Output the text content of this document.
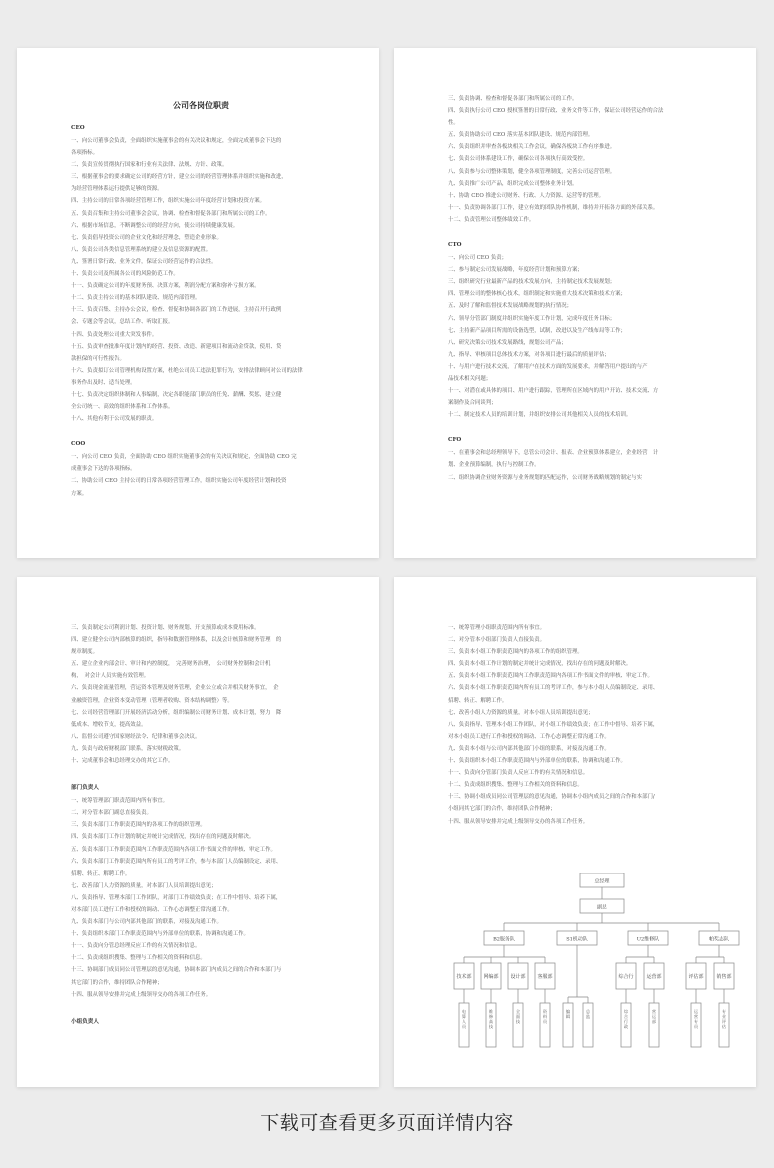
公司各岗位职责
CEO
一、向公司董事会负责，全面组织实施董事会的有关决议和规定，全面完成董事会下达的
各项指标。
二、负责宣传贯彻执行国家和行业有关法律、法规、方针、政策。
三、根据董事会的要求确定公司的经营方针，建立公司的经营管理体系并组织实施和改进，
为经营管理体系运行提供足够的资源。
四、主持公司的日常各项经营管理工作，组织实施公司年度经营计划和投资方案。
五、负责召集和主持公司董事会会议，协调、检查和督促各部门和所属公司的工作。
六、根据市场信息，不断调整公司的经营方向，使公司持续健康发展。
七、负责倡导投资公司的企业文化和经营理念，塑造企业形象。
八、负责公司各类信息管理系统的建立及信息资源的配置。
九、签署日常行政、业务文件，保证公司经营运作的合法性。
十、负责公司及所属各公司的风险防范工作。
十一、负责确定公司的年度财务预、决算方案，利润分配方案和弥补亏损方案。
十二、负责主持公司的基本团队建设、规范内部管理。
十三、负责召集、主持办公会议，检查、督促和协调各部门的工作进展，主持召开行政例
会、专题会等会议，总结工作、听取汇报。
十四、负责处理公司重大突发事件。
十五、负责审查批准年度计划内的经营、投资、改造、新建项目和流动金贷款，使用、贷
款担保的可行性报告。
十六、负责拟订公司管理机构设置方案，杜绝公司员工违法犯罪行为，安排法律顾问对公司的法律
事务作出及时、适当处理。
十七、负责决定组织体制和人事编制，决定各职能部门职员的任免、薪酬、奖惩，建立健
全公司统一、高效的组织体系和工作体系。
十八、其他有利于公司发展的职责。
COO
一、向公司 CEO 负责，全面协助 CEO 组织实施董事会的有关决议和规定，全面协助 CEO 完
成董事会下达的各项指标。
二、协助公司 CEO 主持公司的日常各项经营管理工作，组织实施公司年度经营计划和投资
方案。
三、负责协调、检查和督促各部门和所属公司的工作。
四、负责执行公司 CEO 授权签署的日常行政、业务文件等工作，保证公司经营运作的合法
性。
五、负责协助公司 CEO 落实基本团队建设、规范内部管理。
六、负责组织并审查各板块相关工作会议，确保各板块工作有序推进。
七、负责公司体系建设工作，确保公司各项执行高效受控。
八、负责参与公司整体策划，健全各项管理制度，完善公司运营管理。
九、负责推广公司产品，组织完成公司整体业务计划。
十、协助 CEO 推进公司财务、行政、人力资源、运营等的管理。
十一、负责协调各部门工作，建立有效的团队协作机制，维持并开拓各方面的外部关系。
十二、负责管理公司整体绩效工作。
CTO
一、向公司 CEO 负责；
二、参与制定公司发展战略，年度经营计划和预算方案；
三、组织研究行业最新产品的技术发展方向，主持制定技术发展规划；
四、管理公司的整体核心技术，组织制定和实施重大技术决策和技术方案；
五、及时了解和监督技术发展战略规划的执行情况；
六、领导分管部门制度并组织实施年度工作计划，完成年度任务目标；
七、主持新产品项目所需的设备选型，试制，改进以及生产线布局等工作；
八、研究决策公司技术发展路线，规划公司产品；
九、指导、审核项目总体技术方案，对各项目进行最后的质量评估；
十、与用户进行技术交流，了解用户在技术方面的发展要求，并解答用户提出的与产
品技术相关问题；
十一、对潜在或具体的项目、用户进行跟踪，管理所在区域内的用户开访、技术交流、方
案制作及合同谈判；
十二、制定技术人员的培训计划，并组织安排公司其他相关人员的技术培训。
CFO
一、在董事会和总经理领导下，总管公司会计、报表、企业预算体系建立，企业经营　计
划、企业预算编制，执行与控制工作。
二、组织协调企业财务资源与业务规划的匹配运作，公司财务战略规划的制定与实
三、负责制定公司利润计划、投资计划、财务规划、开支预算或成本费用标准。
四、建立健全公司内部核算的组织，指导和数据管理体系，以及会计核算和财务管理　的
规章制度。
五、建立企业内部会计、审计和内控制度，　完善财务治理，　公司财务控制和会计机
构，　对会计人员实施有效管理。
六、负责现金流量管理，营运资本管理及财务管理，企业公立或合并相关财务事宜，　企
业融资管理，企业资本变动管理（管理者收购、资本结构调整）等。
七、公司经营管理部门开展经济活动分析，组织编制公司财务计划、成本计划，努力　降
低成本、增收节支，提高效益。
八、监督公司遵守国家财经法令、纪律和董事会决议。
九、负责与政府财税部门联系，落实财税政策。
十、完成董事会和总经理交办的其它工作。
部门负责人
一、统筹管理部门职责范围内所有事宜。
二、对分管本部门副总直接负责。
三、负责本部门工作职责范围内的各项工作的组织管理。
四、负责本部门工作计划的制定并统计完成情况，找出存在的问题及时解决。
五、负责本部门工作职责范围内工作职责范围内各项工作书面文件的审核、审定工作。
六、负责本部门工作职责范围内所有员工的考评工作，参与本部门人员编制设定、录用、
招聘、转正、解聘工作。
七、改善部门人力资源的质量，对本部门人员培训提出意见；
八、负责指导、管理本部门工作团队，对部门工作绩效负责；在工作中督导、培养下属，
对本部门员工进行工作和授权的调动、工作心态调整正常沟通工作。
九、负责本部门与公司内部其他部门的联系，对接及沟通工作。
十、负责组织本部门工作职责范围内与外部单位的联系，协调和沟通工作。
十一、负责向分管总经理反应工作的有关情况和信息。
十二、负责成组织搜集、整理与工作相关的资料和信息。
十三、协调部门成员同公司管理层的意见沟通，协调本部门内成员之间的合作和本部门与
其它部门的合作，维持团队合作精神；
十四、服从领导安排并完成上级领导交办的各项工作任务。
小组负责人
一、统筹管理小组职责范围内所有事宜。
二、对分管本小组部门负责人直接负责。
三、负责本小组工作职责范围内的各项工作的组织管理。
四、负责本小组工作计划的制定并统计完成情况，找出存在的问题及时解决。
五、负责本小组工作职责范围内工作职责范围内各项工作书面文件的审核、审定工作。
六、负责本小组工作职责范围内所有员工的考评工作，参与本小组人员编制设定、录用、
招聘、转正、解聘工作。
七、改善小组人力资源的质量，对本小组人员培训提出意见；
八、负责指导、管理本小组工作团队，对小组工作绩效负责；在工作中督导、培养下属，
对本小组员工进行工作和授权的调动、工作心态调整正常沟通工作。
九、负责本小组与公司内部其他部门小组的联系，对接及沟通工作。
十、负责组织本小组工作职责范围内与外部单位的联系，协调和沟通工作。
十一、负责向分管部门负责人反应工作的有关情况和信息。
十二、负责成组织搜集、整理与工作相关的资料和信息。
十三、协调小组成员同公司管理层的意见沟通，协调本小组内成员之间的合作和本部门/
小组同其它部门的合作，维持团队合作精神；
十四、服从领导安排并完成上级领导交办的各项工作任务。
总经理
副总
B2服务队	S1机动队	U2维修队	帕奖志队
技术部
电
算
人
员
网编部
维
修
高
技
设计部
全
面
技
客服部
资
料
员
编
辑
总
监
综合行
综
合
行
政
运营部
营
运
部
评估部
运
营
专
员
销售部
专
业
评
估
下载可查看更多页面详情内容
